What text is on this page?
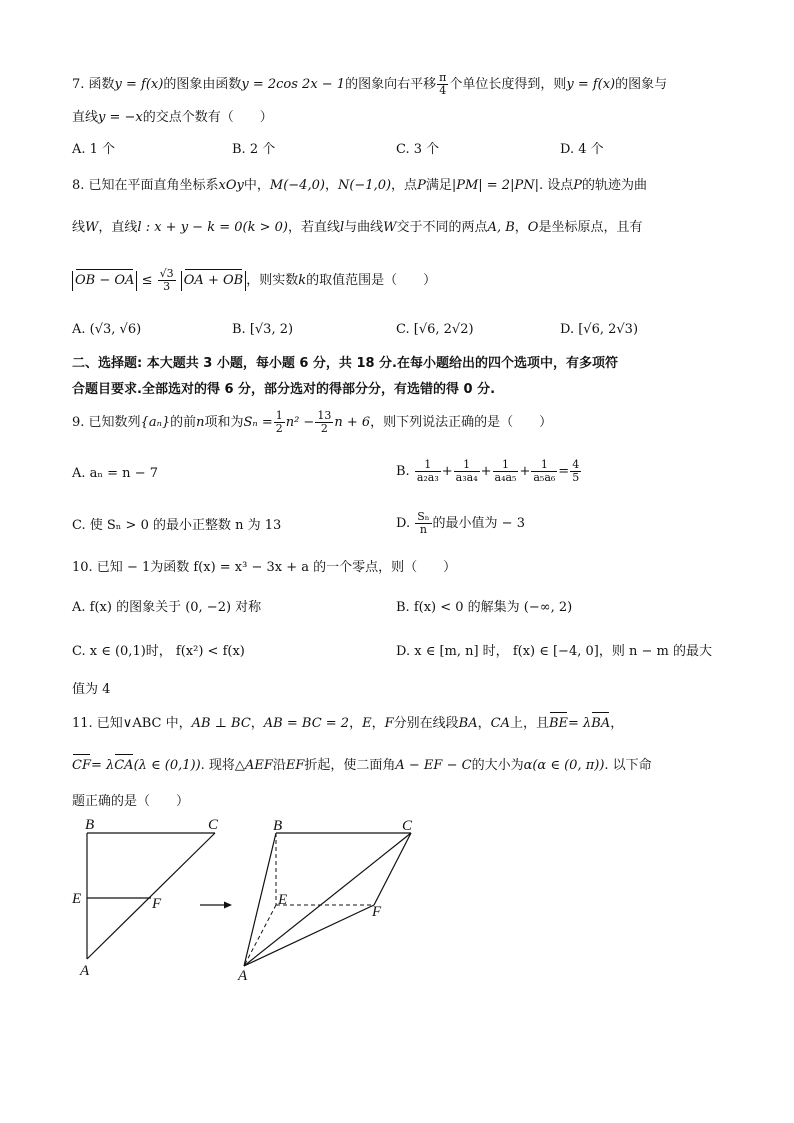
7. 函数y = f(x)的图象由函数y = 2cos 2x − 1的图象向右平移 $\frac{\pi}{4}$ 个单位长度得到，则y = f(x)的图象与
直线y = −x的交点个数有（　　）
A. 1 个	B. 2 个	C. 3 个	D. 4 个
8. 已知在平面直角坐标系xOy中，M(−4,0)，N(−1,0)，点P满足|PM| = 2|PN|. 设点P的轨迹为曲
线W，直线l : x + y − k = 0(k > 0)，若直线l与曲线W交于不同的两点A, B，O是坐标原点，且有
OB − OA ≤ $\frac{√3}{3}$ OA + OB ，则实数k的取值范围是（　　）
A. (√3, √6)	B. [√3, 2)	C. [√6, 2√2)	D. [√6, 2√3)
二、选择题: 本大题共 3 小题，每小题 6 分，共 18 分.在每小题给出的四个选项中，有多项符
合题目要求.全部选对的得 6 分，部分选对的得部分分，有选错的得 0 分.
9. 已知数列{aₙ}的前n项和为$S_n = \frac{1}{2} n^2 - \frac{13}{2}$ n + 6，则下列说法正确的是（　　）
A. aₙ = n − 7	B. $\frac{1}{\text{a₂a₃}} + \frac{1}{\text{a₃a₄}} + \frac{1}{\text{a₄a₅}} + \frac{1}{\text{a₅a₆}} = \frac{4}{5}$
C. 使 Sₙ > 0 的最小正整数 n 为 13	D. $\frac{\text{Sₙ}}{n}$ 的最小值为 − 3
10. 已知 − 1为函数 f(x) = x³ − 3x + a 的一个零点，则（　　）
A. f(x) 的图象关于 (0, −2) 对称	B. f(x) < 0 的解集为 (−∞, 2)
C. x ∈ (0,1)时， f(x²) < f(x)	D. x ∈ [m, n] 时， f(x) ∈ [−4, 0]，则 n − m 的最大
值为 4
11. 已知∨ABC 中，AB ⊥ BC，AB = BC = 2，E，F分别在线段BA，CA上，且BE= λBA，
CF= λCA(λ ∈ (0,1)). 现将△AEF沿EF折起，使二面角A − EF − C的大小为α(α ∈ (0, π)). 以下命
题正确的是（　　）
B	C
E	F
A
B	C
E
F
A
